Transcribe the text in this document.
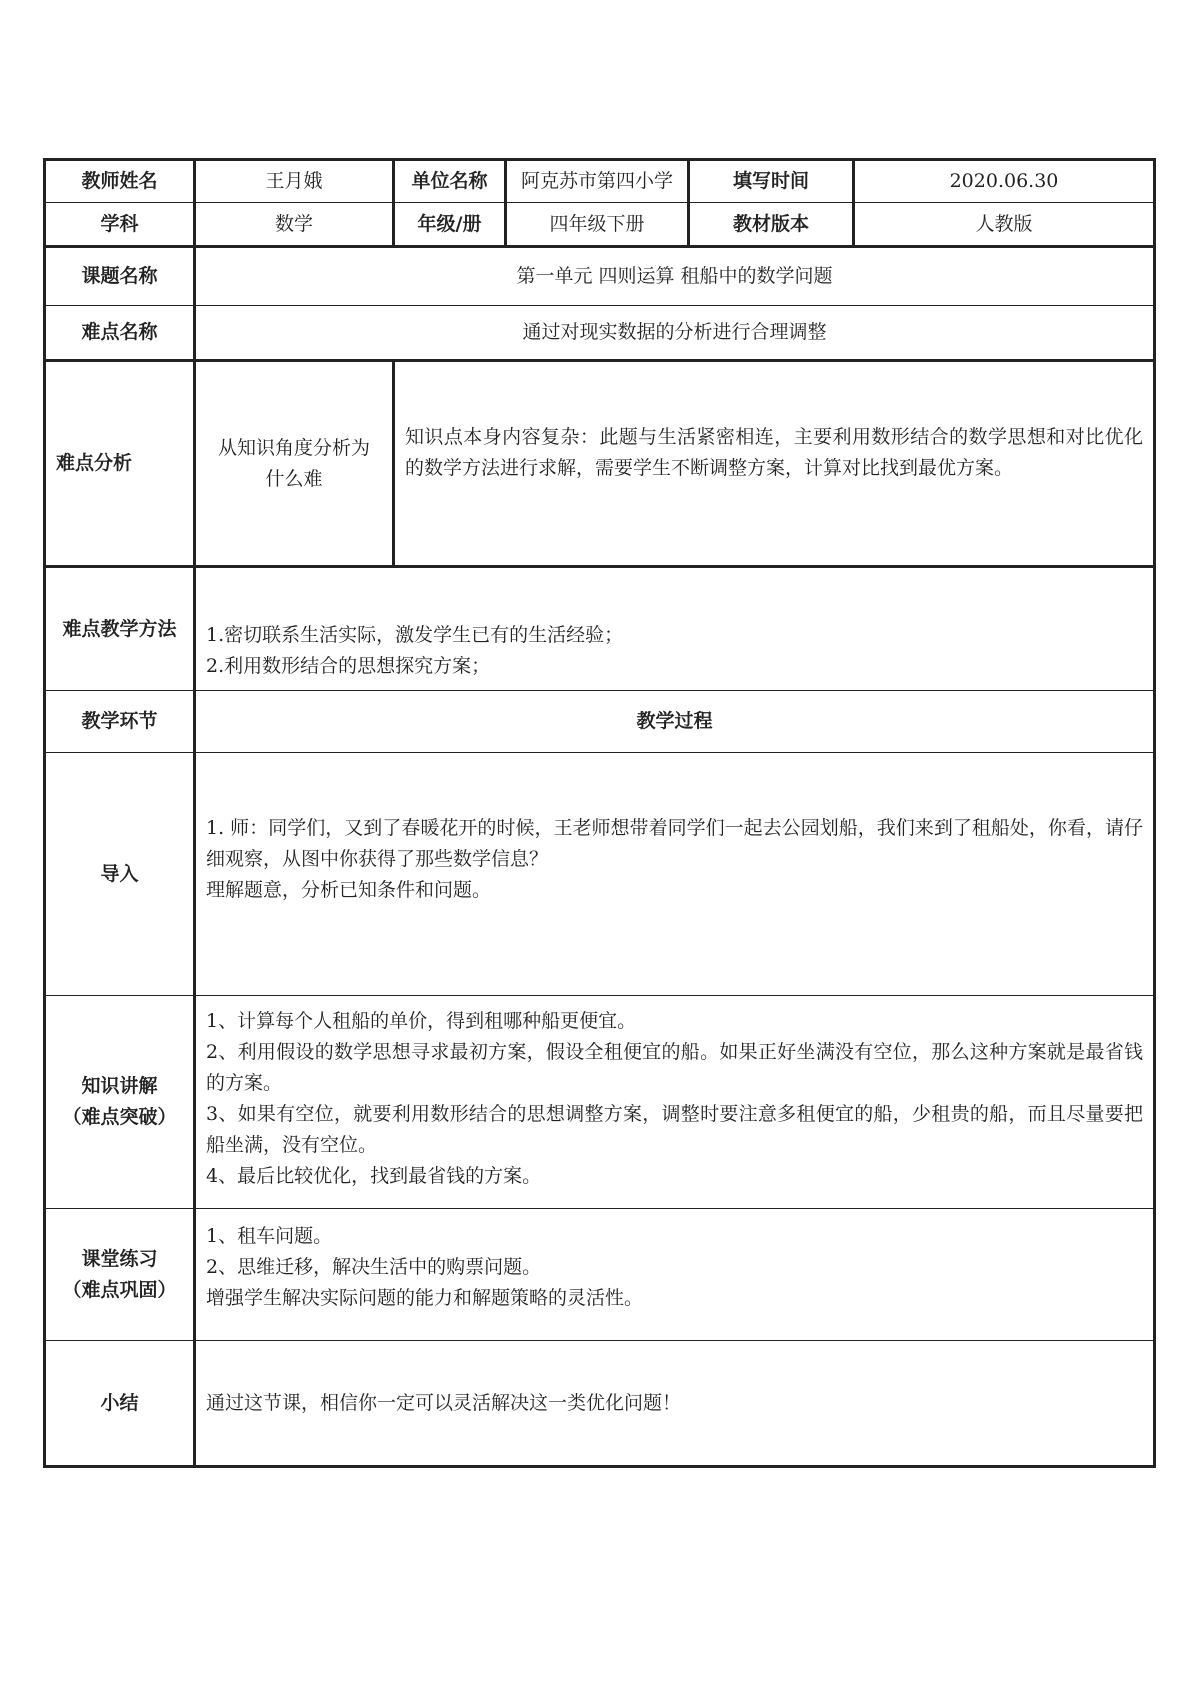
教师姓名	王月娥	单位名称	阿克苏市第四小学	填写时间	2020.06.30
学科	数学	年级/册	四年级下册	教材版本	人教版
课题名称	第一单元 四则运算 租船中的数学问题				
难点名称	通过对现实数据的分析进行合理调整				
难点分析	从知识角度分析为什么难	知识点本身内容复杂：此题与生活紧密相连，主要利用数形结合的数学思想和对比优化的数学方法进行求解，需要学生不断调整方案，计算对比找到最优方案。			
难点教学方法	1.密切联系生活实际，激发学生已有的生活经验；
2.利用数形结合的思想探究方案；				

教学环节	教学过程				
导入	1. 师：同学们，又到了春暖花开的时候，王老师想带着同学们一起去公园划船，我们来到了租船处，你看，请仔细观察，从图中你获得了那些数学信息？
理解题意，分析已知条件和问题。				

知识讲解
（难点突破）	1、计算每个人租船的单价，得到租哪种船更便宜。
2、利用假设的数学思想寻求最初方案，假设全租便宜的船。如果正好坐满没有空位，那么这种方案就是最省钱的方案。
3、如果有空位，就要利用数形结合的思想调整方案，调整时要注意多租便宜的船，少租贵的船，而且尽量要把船坐满，没有空位。
4、最后比较优化，找到最省钱的方案。				

课堂练习
（难点巩固）	1、租车问题。
2、思维迁移，解决生活中的购票问题。
增强学生解决实际问题的能力和解题策略的灵活性。				

小结	通过这节课，相信你一定可以灵活解决这一类优化问题！				
